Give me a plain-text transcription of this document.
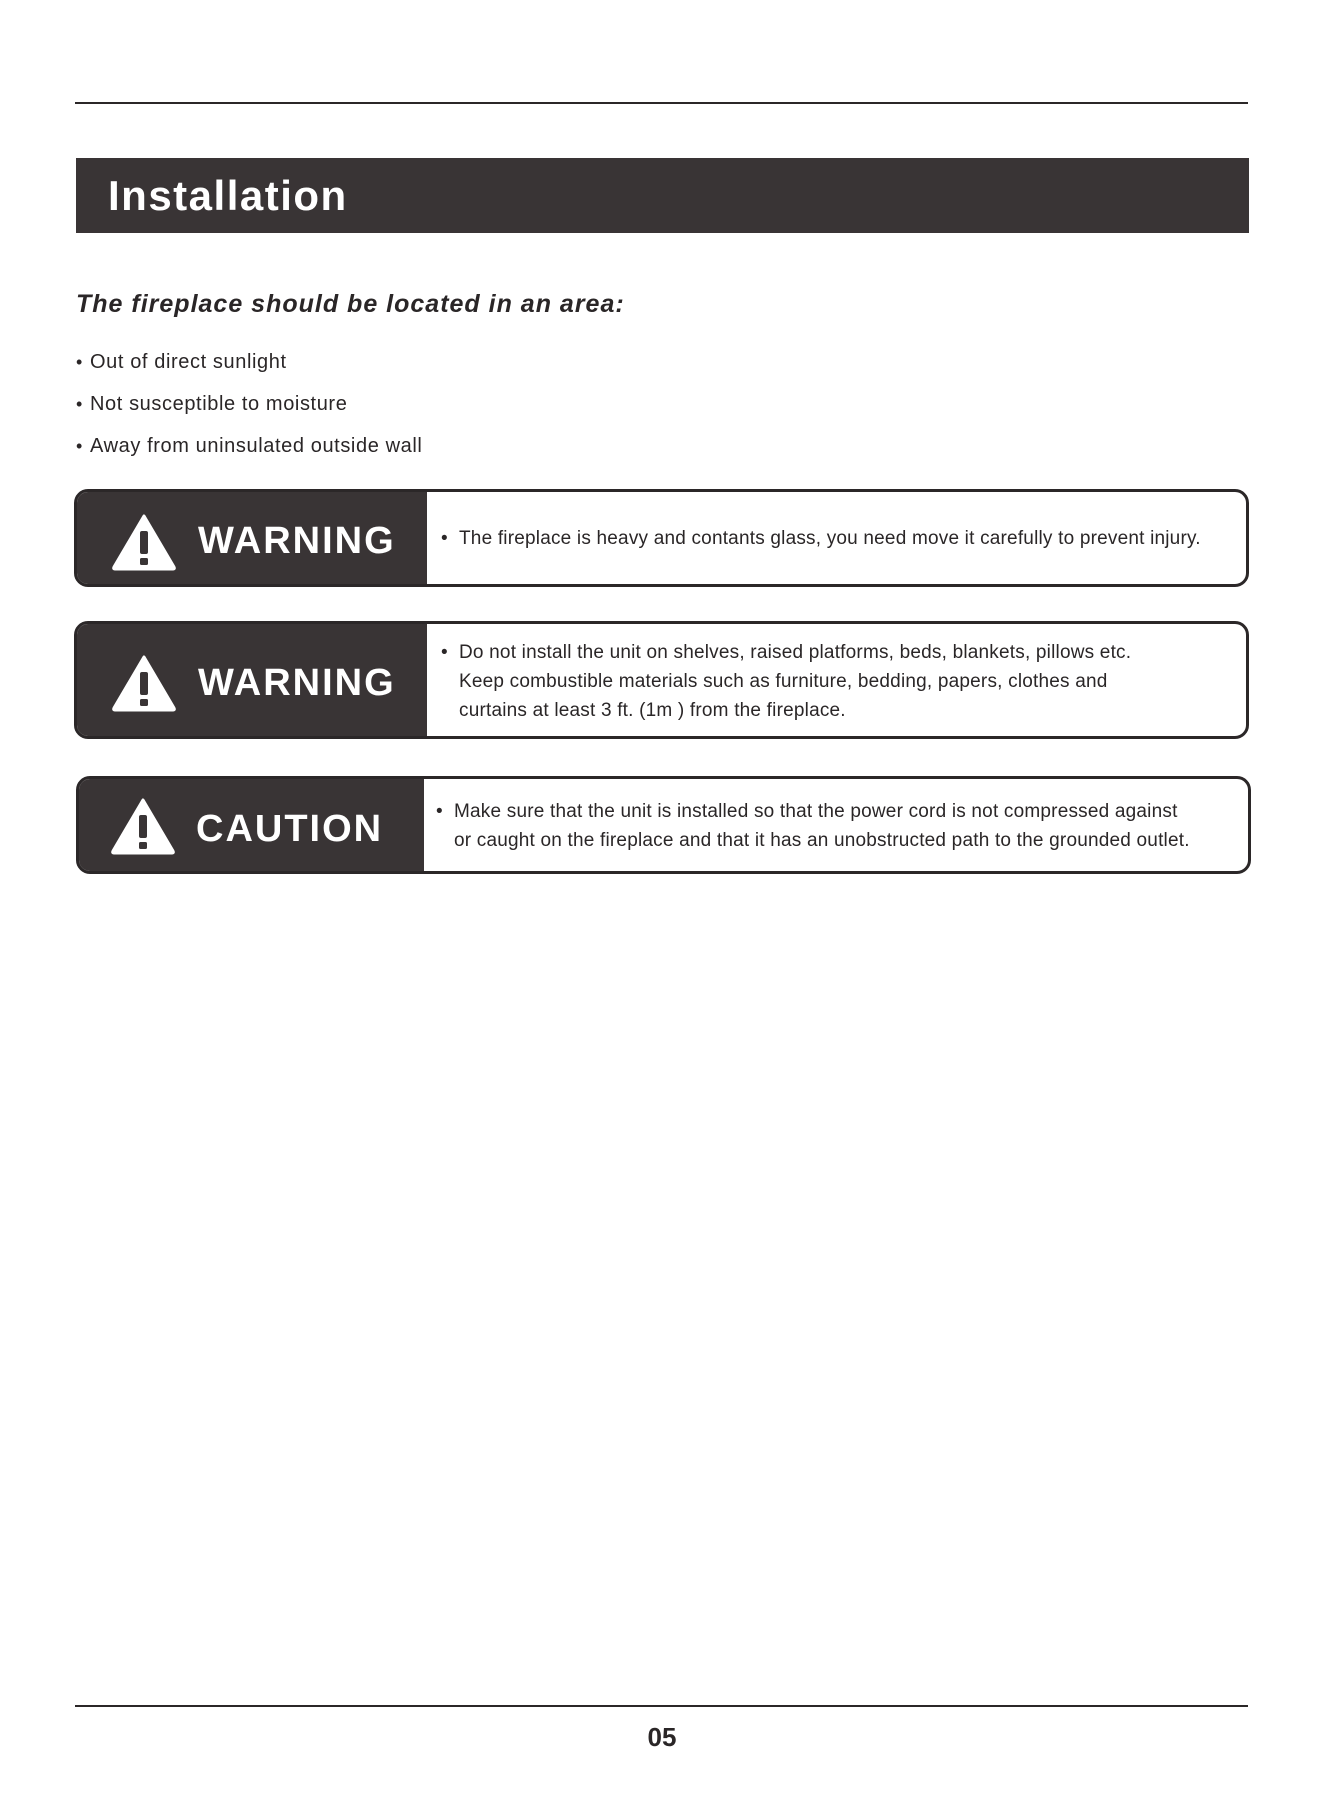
Installation
The fireplace should be located in an area:
• Out of direct sunlight
• Not susceptible to moisture
• Away from uninsulated outside wall
WARNING • The fireplace is heavy and contants glass, you need move it carefully to prevent injury.

WARNING

• Do not install the unit on shelves, raised platforms, beds, blankets, pillows etc.

Keep combustible materials such as furniture, bedding, papers, clothes and

curtains at least 3 ft. (1m ) from the fireplace.

CAUTION	• Make sure that the unit is installed so that the power cord is not compressed against

or caught on the fireplace and that it has an unobstructed path to the grounded outlet.

05
